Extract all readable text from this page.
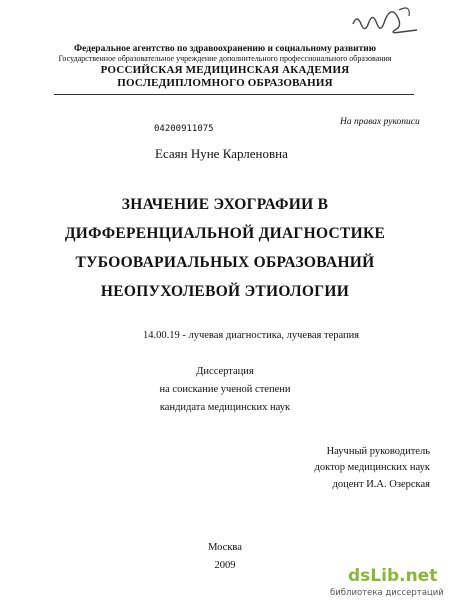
Федеральное агентство по здравоохранению и социальному развитию
Государственное образовательное учреждение дополнительного профессионального образования
РОССИЙСКАЯ МЕДИЦИНСКАЯ АКАДЕМИЯ
ПОСЛЕДИПЛОМНОГО ОБРАЗОВАНИЯ
04200911075
На правах рукописи
Есаян Нуне Карленовна
ЗНАЧЕНИЕ ЭХОГРАФИИ В
ДИФФЕРЕНЦИАЛЬНОЙ ДИАГНОСТИКЕ
ТУБООВАРИАЛЬНЫХ ОБРАЗОВАНИЙ
НЕОПУХОЛЕВОЙ ЭТИОЛОГИИ
14.00.19 - лучевая диагностика, лучевая терапия
Диссертация
на соискание ученой степени
кандидата медицинских наук
Научный руководитель
доктор медицинских наук
доцент И.А. Озерская
Москва
2009
dsLib.net
библиотека диссертаций
